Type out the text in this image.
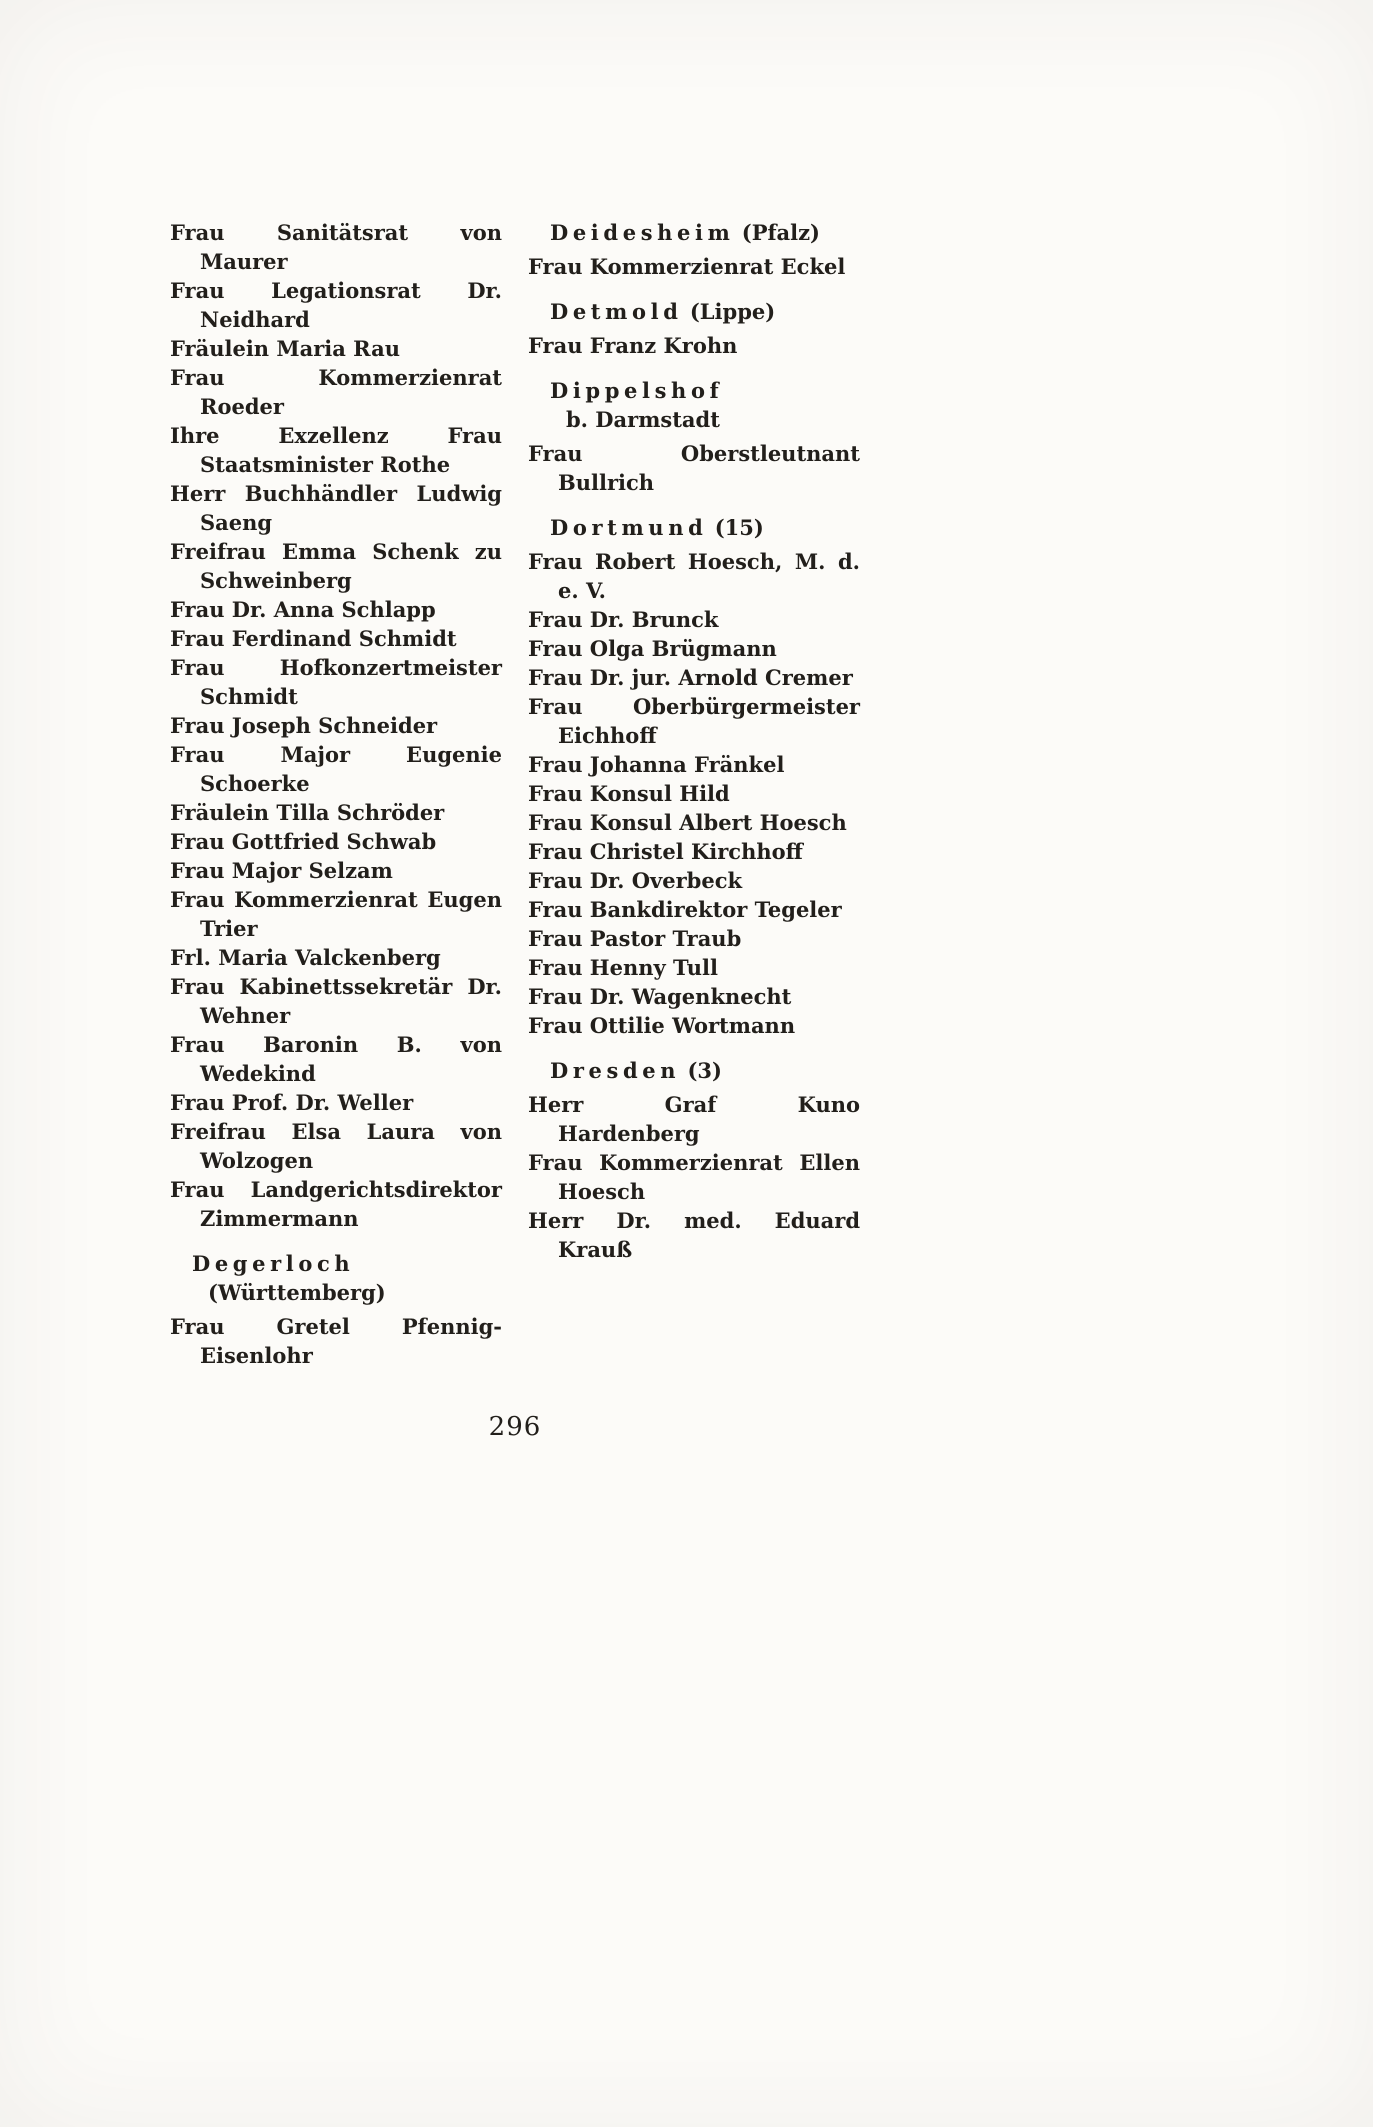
Frau Sanitätsrat von Maurer

Frau Legationsrat Dr. Neidhard

Fräulein Maria Rau

Frau Kommerzienrat Roeder

Ihre Exzellenz Frau Staatsminister Rothe

Herr Buchhändler Ludwig Saeng

Freifrau Emma Schenk zu Schweinberg

Frau Dr. Anna Schlapp

Frau Ferdinand Schmidt

Frau Hofkonzertmeister Schmidt

Frau Joseph Schneider

Frau Major Eugenie Schoerke

Fräulein Tilla Schröder

Frau Gottfried Schwab

Frau Major Selzam

Frau Kommerzienrat Eugen Trier

Frl. Maria Valckenberg

Frau Kabinettssekretär Dr. Wehner

Frau Baronin B. von Wedekind

Frau Prof. Dr. Weller

Freifrau Elsa Laura von Wolzogen

Frau Landgerichtsdirektor Zimmermann

Degerloch
(Württemberg)

Frau Gretel Pfennig-Eisenlohr

Deidesheim (Pfalz)

Frau Kommerzienrat Eckel

Detmold (Lippe)

Frau Franz Krohn

Dippelshof
b. Darmstadt

Frau Oberstleutnant Bullrich

Dortmund (15)

Frau Robert Hoesch, M. d. e. V.

Frau Dr. Brunck

Frau Olga Brügmann

Frau Dr. jur. Arnold Cremer

Frau Oberbürgermeister Eichhoff

Frau Johanna Fränkel

Frau Konsul Hild

Frau Konsul Albert Hoesch

Frau Christel Kirchhoff

Frau Dr. Overbeck

Frau Bankdirektor Tegeler

Frau Pastor Traub

Frau Henny Tull

Frau Dr. Wagenknecht

Frau Ottilie Wortmann

Dresden (3)

Herr Graf Kuno Hardenberg

Frau Kommerzienrat Ellen Hoesch

Herr Dr. med. Eduard Krauß

296
